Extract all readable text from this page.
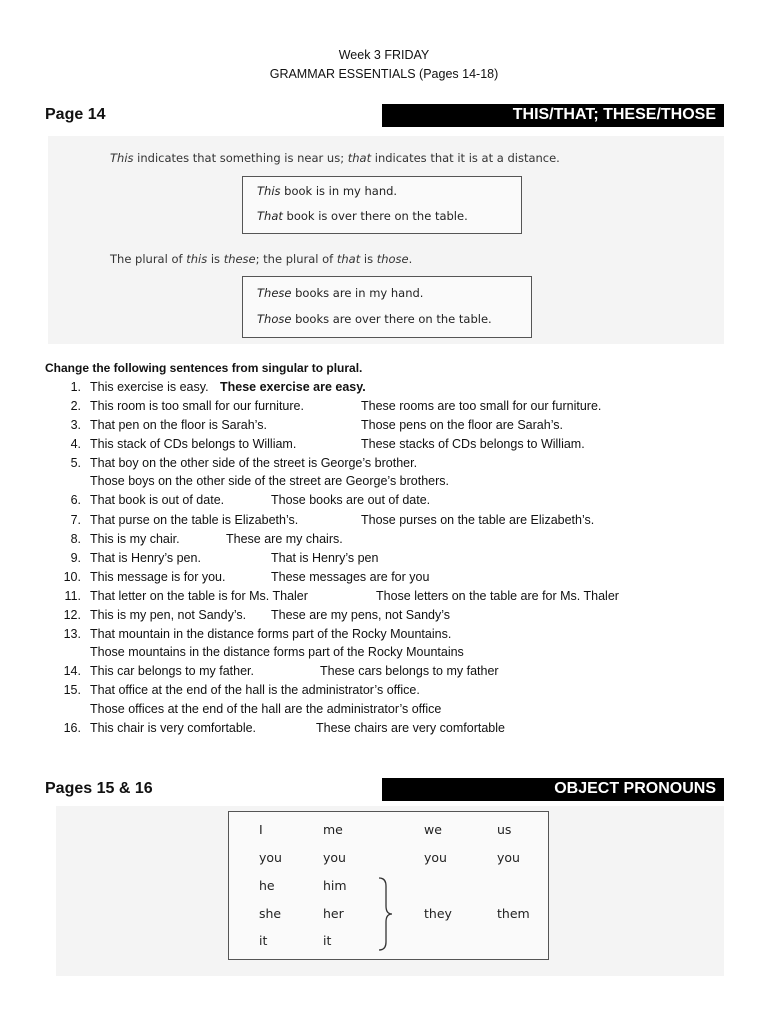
Week 3 FRIDAY
GRAMMAR ESSENTIALS (Pages 14-18)
Page 14	THIS/THAT; THESE/THOSE
This indicates that something is near us; that indicates that it is at a distance.
This book is in my hand.
That book is over there on the table.
The plural of this is these; the plural of that is those.
These books are in my hand.
Those books are over there on the table.
Change the following sentences from singular to plural.
1. This exercise is easy. These exercise are easy.
2. This room is too small for our furniture.	These rooms are too small for our furniture.
3. That pen on the floor is Sarah’s.	Those pens on the floor are Sarah’s.
4. This stack of CDs belongs to William.	These stacks of CDs belongs to William.
5. That boy on the other side of the street is George’s brother.
Those boys on the other side of the street are George’s brothers.
6. That book is out of date.	Those books are out of date.
7. That purse on the table is Elizabeth’s.	Those purses on the table are Elizabeth’s.
8. This is my chair.	These are my chairs.
9. That is Henry’s pen.	That is Henry’s pen
10. This message is for you.	These messages are for you
11. That letter on the table is for Ms. Thaler	Those letters on the table are for Ms. Thaler
12. This is my pen, not Sandy’s. These are my pens, not Sandy’s
13. That mountain in the distance forms part of the Rocky Mountains.
Those mountains in the distance forms part of the Rocky Mountains
14. This car belongs to my father.	These cars belongs to my father
15. That office at the end of the hall is the administrator’s office.
Those offices at the end of the hall are the administrator’s office
16. This chair is very comfortable.	These chairs are very comfortable
Pages 15 & 16	OBJECT PRONOUNS
I	me	we	us
you	you	you	you
he	him
she	her	they	them
it	it
